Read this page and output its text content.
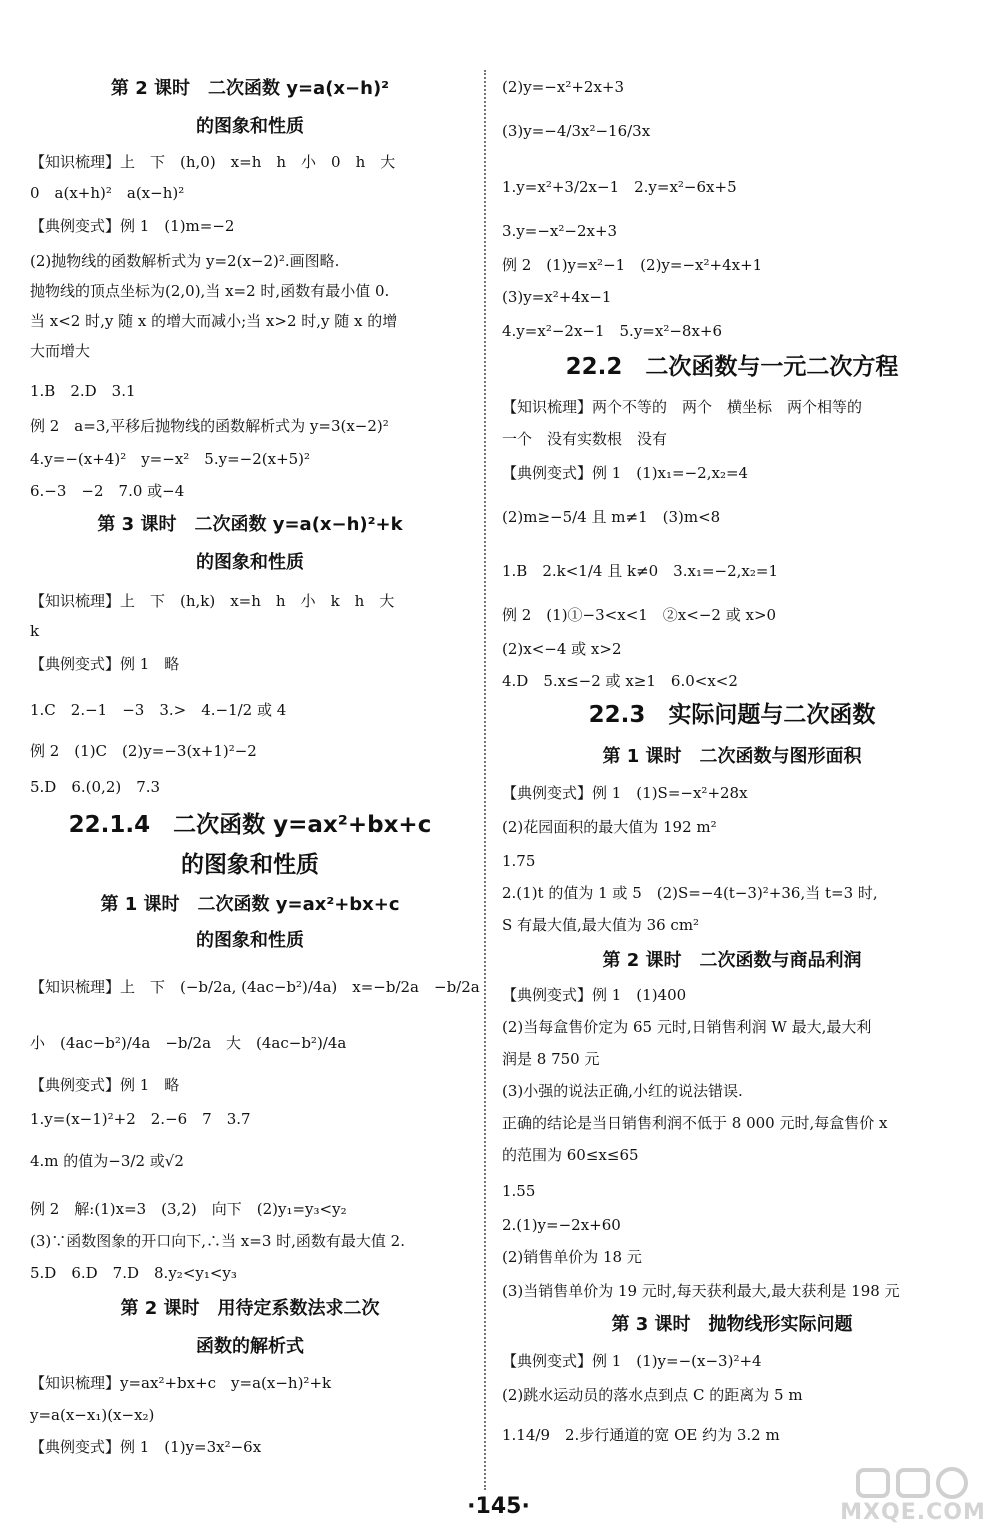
第 2 课时　二次函数 y=a(x−h)²
的图象和性质
【知识梳理】上　下　(h,0)　x=h　h　小　0　h　大
0　a(x+h)²　a(x−h)²
【典例变式】例 1　(1)m=−2
(2)抛物线的函数解析式为 y=2(x−2)².画图略.
抛物线的顶点坐标为(2,0),当 x=2 时,函数有最小值 0.
当 x<2 时,y 随 x 的增大而减小;当 x>2 时,y 随 x 的增
大而增大
1.B　2.D　3.1
例 2　a=3,平移后抛物线的函数解析式为 y=3(x−2)²
4.y=−(x+4)²　y=−x²　5.y=−2(x+5)²
6.−3　−2　7.0 或−4
第 3 课时　二次函数 y=a(x−h)²+k
的图象和性质
【知识梳理】上　下　(h,k)　x=h　h　小　k　h　大
k
【典例变式】例 1　略
1.C　2.−1　−3　3.>　4.−1/2 或 4
例 2　(1)C　(2)y=−3(x+1)²−2
5.D　6.(0,2)　7.3
22.1.4　二次函数 y=ax²+bx+c
的图象和性质
第 1 课时　二次函数 y=ax²+bx+c
的图象和性质
【知识梳理】上　下　(−b/2a, (4ac−b²)/4a)　x=−b/2a　−b/2a
小　(4ac−b²)/4a　−b/2a　大　(4ac−b²)/4a
【典例变式】例 1　略
1.y=(x−1)²+2　2.−6　7　3.7
4.m 的值为−3/2 或√2
例 2　解:(1)x=3　(3,2)　向下　(2)y₁=y₃<y₂
(3)∵函数图象的开口向下,∴当 x=3 时,函数有最大值 2.
5.D　6.D　7.D　8.y₂<y₁<y₃
第 2 课时　用待定系数法求二次
函数的解析式
【知识梳理】y=ax²+bx+c　y=a(x−h)²+k
y=a(x−x₁)(x−x₂)
【典例变式】例 1　(1)y=3x²−6x
(2)y=−x²+2x+3
(3)y=−4/3x²−16/3x
1.y=x²+3/2x−1　2.y=x²−6x+5
3.y=−x²−2x+3
例 2　(1)y=x²−1　(2)y=−x²+4x+1
(3)y=x²+4x−1
4.y=x²−2x−1　5.y=x²−8x+6
22.2　二次函数与一元二次方程
【知识梳理】两个不等的　两个　横坐标　两个相等的
一个　没有实数根　没有
【典例变式】例 1　(1)x₁=−2,x₂=4
(2)m≥−5/4 且 m≠1　(3)m<8
1.B　2.k<1/4 且 k≠0　3.x₁=−2,x₂=1
例 2　(1)①−3<x<1　②x<−2 或 x>0
(2)x<−4 或 x>2
4.D　5.x≤−2 或 x≥1　6.0<x<2
22.3　实际问题与二次函数
第 1 课时　二次函数与图形面积
【典例变式】例 1　(1)S=−x²+28x
(2)花园面积的最大值为 192 m²
1.75
2.(1)t 的值为 1 或 5　(2)S=−4(t−3)²+36,当 t=3 时,
S 有最大值,最大值为 36 cm²
第 2 课时　二次函数与商品利润
【典例变式】例 1　(1)400
(2)当每盒售价定为 65 元时,日销售利润 W 最大,最大利
润是 8 750 元
(3)小强的说法正确,小红的说法错误.
正确的结论是当日销售利润不低于 8 000 元时,每盒售价 x
的范围为 60≤x≤65
1.55
2.(1)y=−2x+60
(2)销售单价为 18 元
(3)当销售单价为 19 元时,每天获利最大,最大获利是 198 元
第 3 课时　抛物线形实际问题
【典例变式】例 1　(1)y=−(x−3)²+4
(2)跳水运动员的落水点到点 C 的距离为 5 m
1.14/9　2.步行通道的宽 OE 约为 3.2 m
·145·	MXQE.COM
